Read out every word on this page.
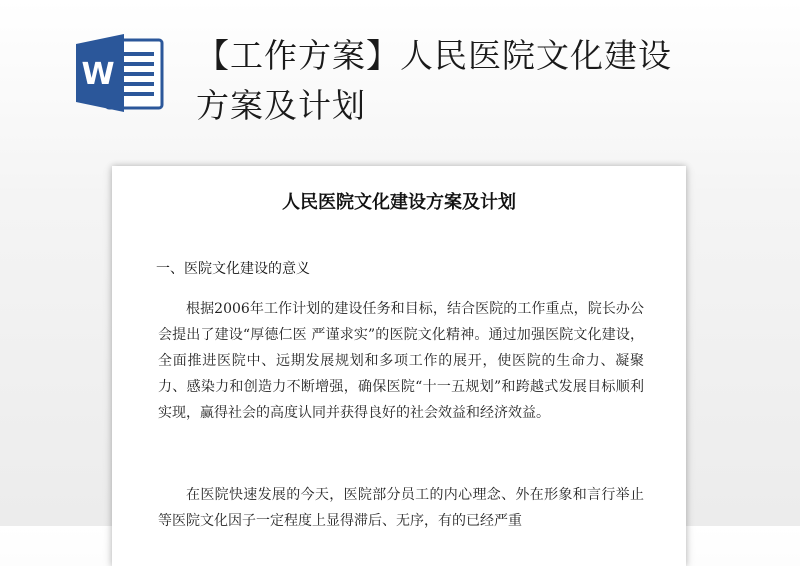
W 【工作方案】人民医院文化建设
方案及计划
人民医院文化建设方案及计划
一、医院文化建设的意义

根据2006年工作计划的建设任务和目标，结合医院的工作重点，院长办公会提出了建设“厚德仁医 严谨求实”的医院文化精神。通过加强医院文化建设，全面推进医院中、远期发展规划和多项工作的展开，使医院的生命力、凝聚力、感染力和创造力不断增强，确保医院“十一五规划”和跨越式发展目标顺利实现，赢得社会的高度认同并获得良好的社会效益和经济效益。

在医院快速发展的今天，医院部分员工的内心理念、外在形象和言行举止等医院文化因子一定程度上显得滞后、无序，有的已经严重
